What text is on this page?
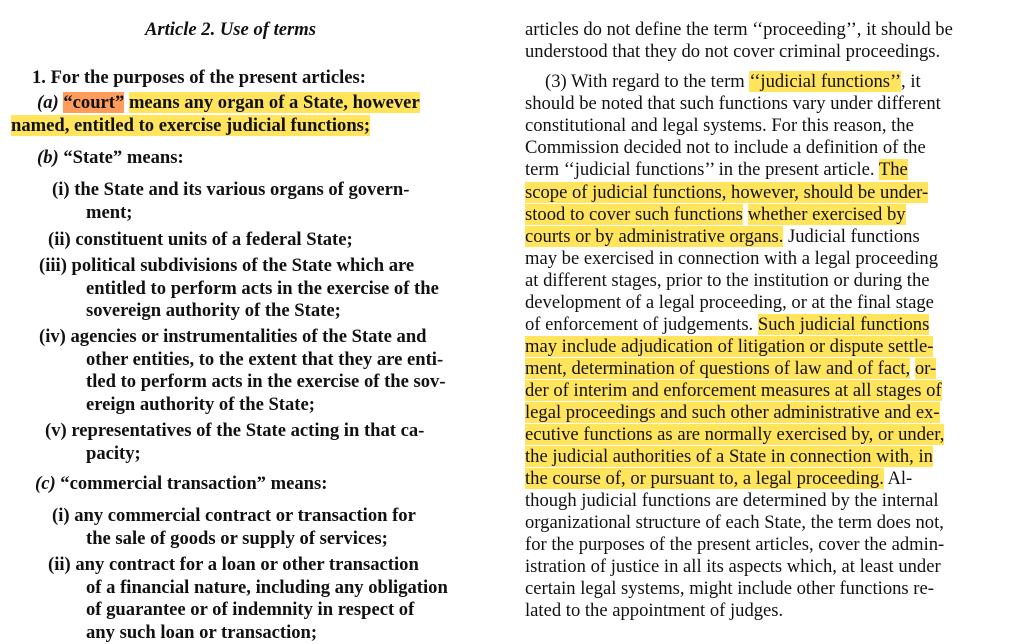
Article 2. Use of terms
1. For the purposes of the present articles:
(a) “court” means any organ of a State, however
named, entitled to exercise judicial functions;
(b) “State” means:
(i) the State and its various organs of govern-
ment;
(ii) constituent units of a federal State;
(iii) political subdivisions of the State which are
entitled to perform acts in the exercise of the
sovereign authority of the State;
(iv) agencies or instrumentalities of the State and
other entities, to the extent that they are enti-
tled to perform acts in the exercise of the sov-
ereign authority of the State;
(v) representatives of the State acting in that ca-
pacity;
(c) “commercial transaction” means:
(i) any commercial contract or transaction for
the sale of goods or supply of services;
(ii) any contract for a loan or other transaction
of a financial nature, including any obligation
of guarantee or of indemnity in respect of
any such loan or transaction;
articles do not define the term ‘‘proceeding’’, it should be
understood that they do not cover criminal proceedings.
(3) With regard to the term ‘‘judicial functions’’, it
should be noted that such functions vary under different
constitutional and legal systems. For this reason, the
Commission decided not to include a definition of the
term ‘‘judicial functions’’ in the present article. The
scope of judicial functions, however, should be under-
stood to cover such functions whether exercised by
courts or by administrative organs. Judicial functions
may be exercised in connection with a legal proceeding
at different stages, prior to the institution or during the
development of a legal proceeding, or at the final stage
of enforcement of judgements. Such judicial functions
may include adjudication of litigation or dispute settle-
ment, determination of questions of law and of fact, or-
der of interim and enforcement measures at all stages of
legal proceedings and such other administrative and ex-
ecutive functions as are normally exercised by, or under,
the judicial authorities of a State in connection with, in
the course of, or pursuant to, a legal proceeding. Al-
though judicial functions are determined by the internal
organizational structure of each State, the term does not,
for the purposes of the present articles, cover the admin-
istration of justice in all its aspects which, at least under
certain legal systems, might include other functions re-
lated to the appointment of judges.
